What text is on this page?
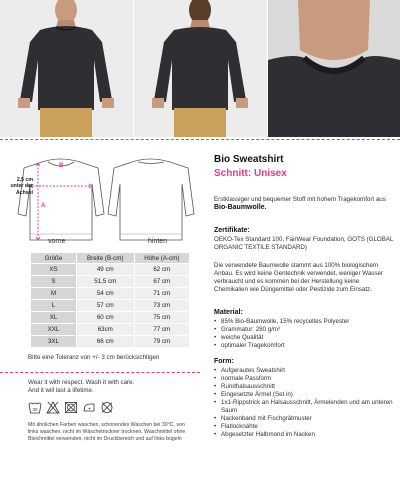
B
A
2,5 cm unter der Achsel
vorne	hinten
Größe	Breite (B-cm)	Höhe (A-cm)
XS	49 cm	62 cm
S	51,5 cm	67 cm
M	54 cm	71 cm
L	57 cm	73 cm
XL	60 cm	75 cm
XXL	63cm	77 cm
3XL	66 cm	79 cm
Bitte eine Toleranz von +/- 3 cm berücksichtigen
Wear it with respect. Wash it with care.
And it will last a lifetime.
30
Mit ähnlichen Farben waschen, schonendes Waschen bei 30°C, von links waschen, nicht im Wäschetrockner trocknen. Waschmittel ohne Bleichmittel verwenden, nicht im Druckbereich und auf links bügeln
Bio Sweatshirt
Schnitt: Unisex
Erstklassiger und bequemer Stoff mit hohem Tragekomfort aus Bio-Baumwolle.
Zertifikate:
OEKO-Tex Standard 100, FairWear Foundation, GOTS (GLOBAL ORGANIC TEXTILE STANDARD)
Die verwendete Baumwolle stammt aus 100% biologischem Anbau. Es wird keine Gentechnik verwendet, weniger Wasser verbraucht und es kommen bei der Herstellung keine Chemikalien wie Düngemittel oder Pestizide zum Einsatz.
Material:
• 85% Bio-Baumwolle, 15% recyceltes Polyester
• Grammatur: 280 g/m²
• weiche Qualität
• optimaler Tragekomfort
Form:
• Aufgerautes Sweatshirt
• normale Passform
• Rundhalsausschnitt
• Eingesetzte Ärmel (Set in)
• 1x1-Rippstrick an Halsausschnitt, Ärmelenden und am unteren Saum
• Nackenband mit Fischgrätmuster
• Flatlocknähte
• Abgesetzter Halbmond im Nacken
